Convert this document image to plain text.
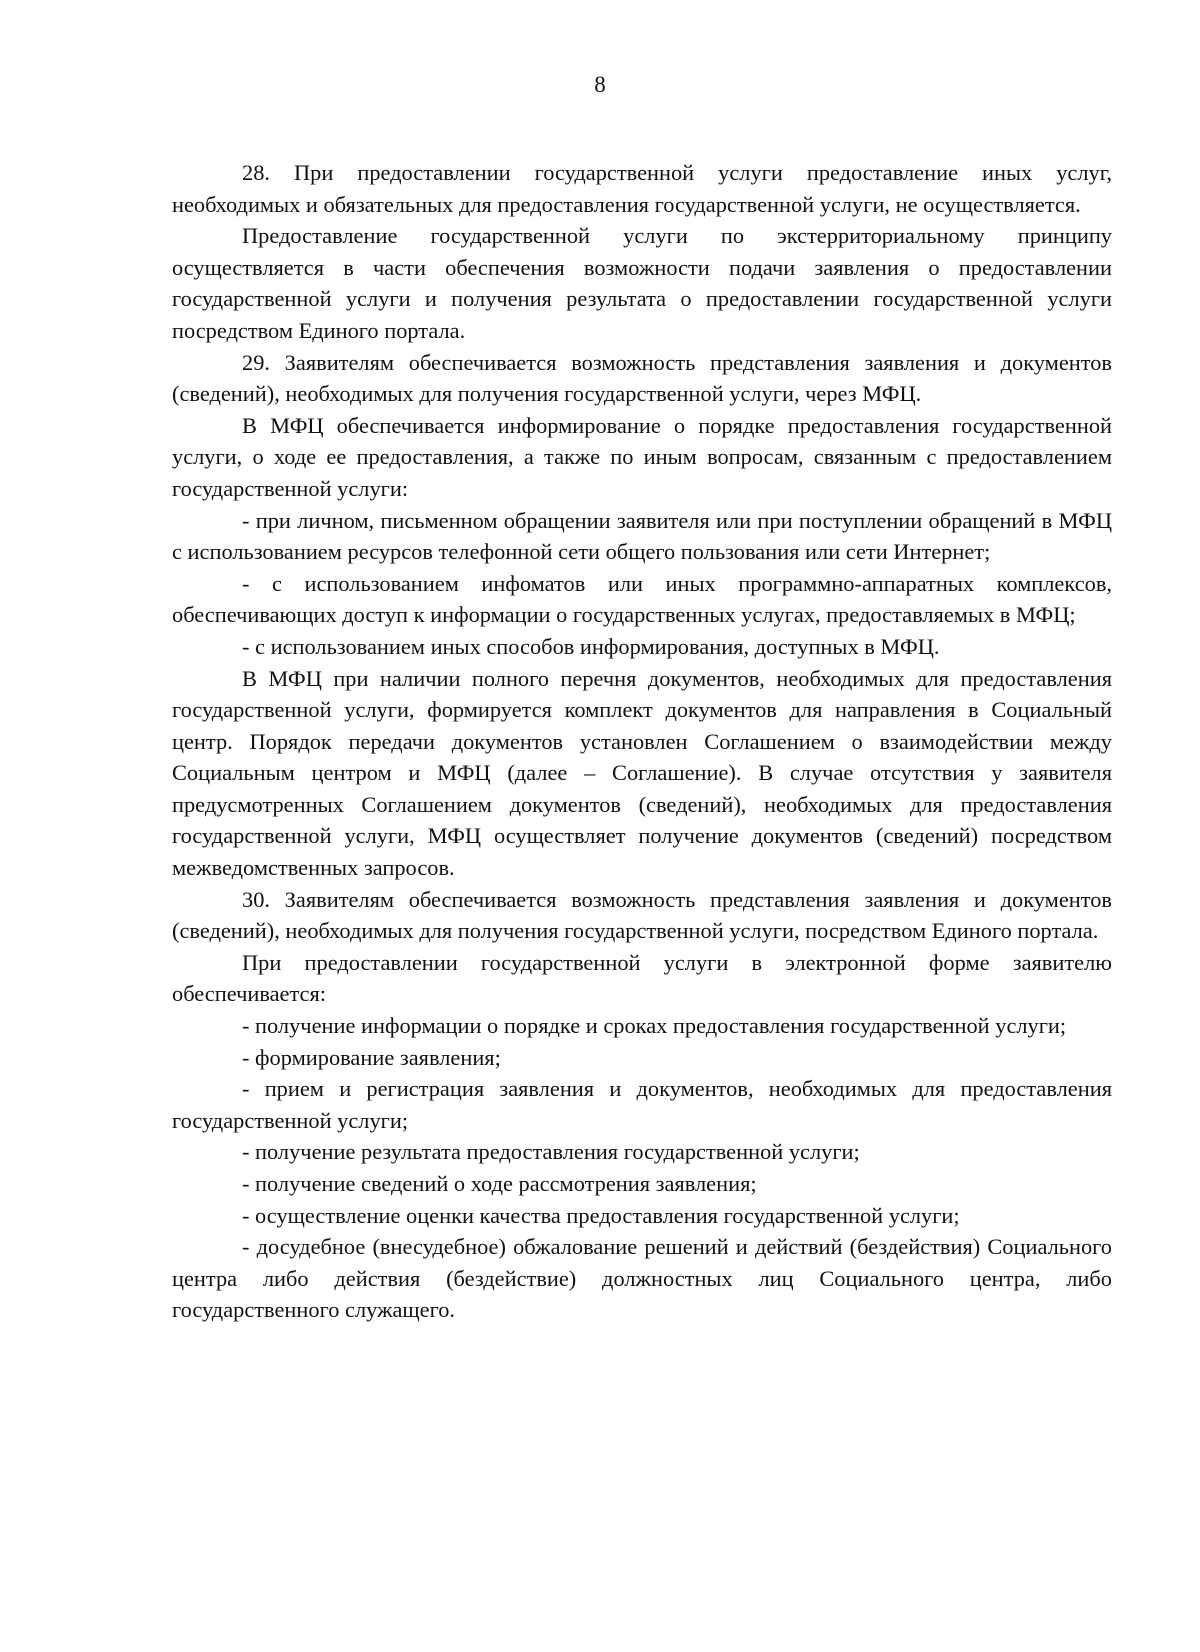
8

28. При предоставлении государственной услуги предоставление иных услуг, необходимых и обязательных для предоставления государственной услуги, не осуществляется.

Предоставление государственной услуги по экстерриториальному принципу осуществляется в части обеспечения возможности подачи заявления о предоставлении государственной услуги и получения результата о предоставлении государственной услуги посредством Единого портала.

29. Заявителям обеспечивается возможность представления заявления и документов (сведений), необходимых для получения государственной услуги, через МФЦ.

В МФЦ обеспечивается информирование о порядке предоставления государственной услуги, о ходе ее предоставления, а также по иным вопросам, связанным с предоставлением государственной услуги:

- при личном, письменном обращении заявителя или при поступлении обращений в МФЦ с использованием ресурсов телефонной сети общего пользования или сети Интернет;

- с использованием инфоматов или иных программно-аппаратных комплексов, обеспечивающих доступ к информации о государственных услугах, предоставляемых в МФЦ;

- с использованием иных способов информирования, доступных в МФЦ.

В МФЦ при наличии полного перечня документов, необходимых для предоставления государственной услуги, формируется комплект документов для направления в Социальный центр. Порядок передачи документов установлен Соглашением о взаимодействии между Социальным центром и МФЦ (далее – Соглашение). В случае отсутствия у заявителя предусмотренных Соглашением документов (сведений), необходимых для предоставления государственной услуги, МФЦ осуществляет получение документов (сведений) посредством межведомственных запросов.

30. Заявителям обеспечивается возможность представления заявления и документов (сведений), необходимых для получения государственной услуги, посредством Единого портала.

При предоставлении государственной услуги в электронной форме заявителю обеспечивается:

- получение информации о порядке и сроках предоставления государственной услуги;

- формирование заявления;

- прием и регистрация заявления и документов, необходимых для предоставления государственной услуги;

- получение результата предоставления государственной услуги;

- получение сведений о ходе рассмотрения заявления;

- осуществление оценки качества предоставления государственной услуги;

- досудебное (внесудебное) обжалование решений и действий (бездействия) Социального центра либо действия (бездействие) должностных лиц Социального центра, либо государственного служащего.
